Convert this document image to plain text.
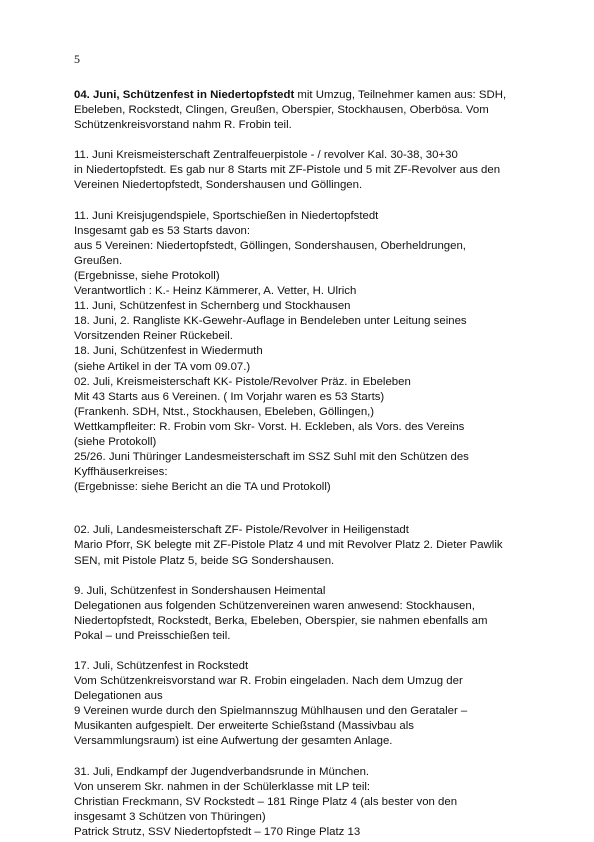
5
04. Juni, Schützenfest in Niedertopfstedt mit Umzug, Teilnehmer kamen aus: SDH,
Ebeleben, Rockstedt, Clingen, Greußen, Oberspier, Stockhausen, Oberbösa. Vom
Schützenkreisvorstand nahm R. Frobin teil.
11. Juni Kreismeisterschaft Zentralfeuerpistole - / revolver Kal. 30-38, 30+30
in Niedertopfstedt. Es gab nur 8 Starts mit ZF-Pistole und 5 mit ZF-Revolver aus den
Vereinen Niedertopfstedt, Sondershausen und Göllingen.
11. Juni Kreisjugendspiele, Sportschießen in Niedertopfstedt
Insgesamt gab es 53 Starts davon:
aus 5 Vereinen: Niedertopfstedt, Göllingen, Sondershausen, Oberheldrungen,
Greußen.
(Ergebnisse, siehe Protokoll)
Verantwortlich : K.- Heinz Kämmerer, A. Vetter, H. Ulrich
11. Juni, Schützenfest in Schernberg und Stockhausen
18. Juni, 2. Rangliste KK-Gewehr-Auflage in Bendeleben unter Leitung seines
Vorsitzenden Reiner Rückebeil.
18. Juni, Schützenfest in Wiedermuth
(siehe Artikel in der TA vom 09.07.)
02. Juli, Kreismeisterschaft KK- Pistole/Revolver Präz. in Ebeleben
Mit 43 Starts aus 6 Vereinen. ( Im Vorjahr waren es 53 Starts)
(Frankenh. SDH, Ntst., Stockhausen, Ebeleben, Göllingen,)
Wettkampfleiter: R. Frobin vom Skr- Vorst. H. Eckleben, als Vors. des Vereins
(siehe Protokoll)
25/26. Juni Thüringer Landesmeisterschaft im SSZ Suhl mit den Schützen des
Kyffhäuserkreises:
(Ergebnisse: siehe Bericht an die TA und Protokoll)
02. Juli, Landesmeisterschaft ZF- Pistole/Revolver in Heiligenstadt
Mario Pforr, SK belegte mit ZF-Pistole Platz 4 und mit Revolver Platz 2. Dieter Pawlik
SEN, mit Pistole Platz 5, beide SG Sondershausen.
9. Juli, Schützenfest in Sondershausen Heimental
Delegationen aus folgenden Schützenvereinen waren anwesend: Stockhausen,
Niedertopfstedt, Rockstedt, Berka, Ebeleben, Oberspier, sie nahmen ebenfalls am
Pokal – und Preisschießen teil.
17. Juli, Schützenfest in Rockstedt
Vom Schützenkreisvorstand war R. Frobin eingeladen. Nach dem Umzug der
Delegationen aus
9 Vereinen wurde durch den Spielmannszug Mühlhausen und den Gerataler –
Musikanten aufgespielt. Der erweiterte Schießstand (Massivbau als
Versammlungsraum) ist eine Aufwertung der gesamten Anlage.
31. Juli, Endkampf der Jugendverbandsrunde in München.
Von unserem Skr. nahmen in der Schülerklasse mit LP teil:
Christian Freckmann, SV Rockstedt – 181 Ringe Platz 4 (als bester von den
insgesamt 3 Schützen von Thüringen)
Patrick Strutz, SSV Niedertopfstedt – 170 Ringe Platz 13
